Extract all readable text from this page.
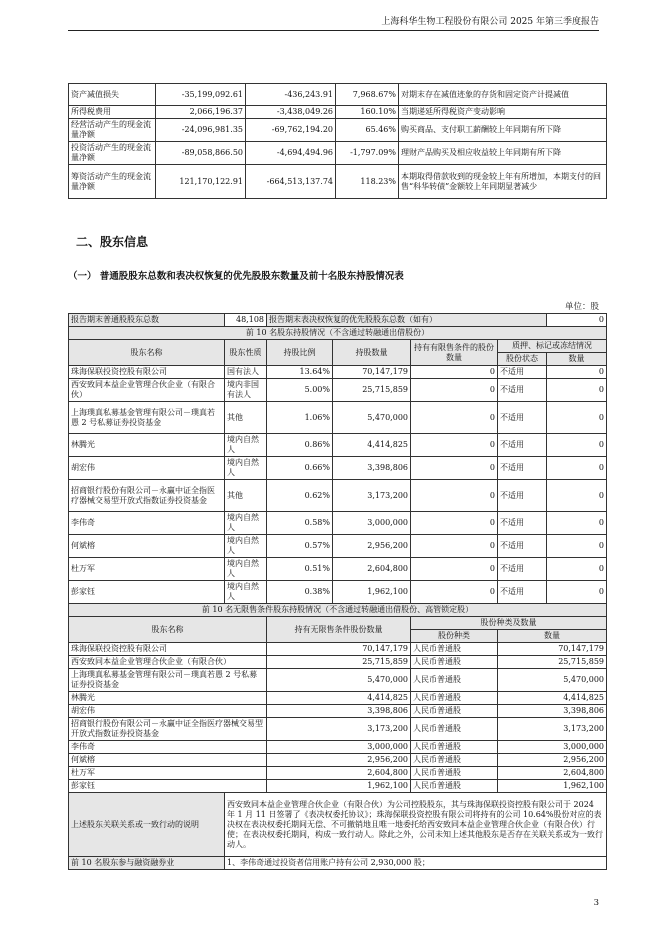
上海科华生物工程股份有限公司 2025 年第三季度报告
资产减值损失	-35,199,092.61	-436,243.91	7,968.67%	对期末存在减值迹象的存货和固定资产计提减值
所得税费用	2,066,196.37	-3,438,049.26	160.10%	当期递延所得税资产变动影响
经营活动产生的现金流量净额	-24,096,981.35	-69,762,194.20	65.46%	购买商品、支付职工薪酬较上年同期有所下降
投资活动产生的现金流量净额	-89,058,866.50	-4,694,494.96	-1,797.09%	理财产品购买及相应收益较上年同期有所下降
筹资活动产生的现金流量净额	121,170,122.91	-664,513,137.74	118.23%	本期取得借款收到的现金较上年有所增加，本期支付的回售“科华转债”金额较上年同期显著减少
二、股东信息
（一） 普通股股东总数和表决权恢复的优先股股东数量及前十名股东持股情况表
单位：股
报告期末普通股股东总数	48,108	报告期末表决权恢复的优先股股东总数（如有）				0
前 10 名股东持股情况（不含通过转融通出借股份）						
股东名称	股东性质	持股比例	持股数量	持有有限售条件的股份数量	质押、标记或冻结情况	
					股份状态	数量
珠海保联投资控股有限公司	国有法人	13.64%	70,147,179	0	不适用	0
西安致同本益企业管理合伙企业（有限合伙）	境内非国有法人	5.00%	25,715,859	0	不适用	0
上海璞真私募基金管理有限公司－璞真若愚 2 号私募证券投资基金	其他	1.06%	5,470,000	0	不适用	0
林腾光	境内自然人	0.86%	4,414,825	0	不适用	0
胡宏伟	境内自然人	0.66%	3,398,806	0	不适用	0
招商银行股份有限公司－永赢中证全指医疗器械交易型开放式指数证券投资基金	其他	0.62%	3,173,200	0	不适用	0
李伟奇	境内自然人	0.58%	3,000,000	0	不适用	0
何斌榕	境内自然人	0.57%	2,956,200	0	不适用	0
杜万军	境内自然人	0.51%	2,604,800	0	不适用	0
彭家钰	境内自然人	0.38%	1,962,100	0	不适用	0
前 10 名无限售条件股东持股情况（不含通过转融通出借股份、高管锁定股）						
股东名称		持有无限售条件股份数量		股份种类及数量		
				股份种类	数量	
珠海保联投资控股有限公司		70,147,179		人民币普通股	70,147,179	
西安致同本益企业管理合伙企业（有限合伙）		25,715,859		人民币普通股	25,715,859	
上海璞真私募基金管理有限公司－璞真若愚 2 号私募证券投资基金		5,470,000		人民币普通股	5,470,000	
林腾光		4,414,825		人民币普通股	4,414,825	
胡宏伟		3,398,806		人民币普通股	3,398,806	
招商银行股份有限公司－永赢中证全指医疗器械交易型开放式指数证券投资基金		3,173,200		人民币普通股	3,173,200	
李伟奇		3,000,000		人民币普通股	3,000,000	
何斌榕		2,956,200		人民币普通股	2,956,200	
杜万军		2,604,800		人民币普通股	2,604,800	
彭家钰		1,962,100		人民币普通股	1,962,100	
上述股东关联关系或一致行动的说明	西安致同本益企业管理合伙企业（有限合伙）为公司控股股东，其与珠海保联投资控股有限公司于 2024 年 1 月 11 日签署了《表决权委托协议》；珠海保联投资控股有限公司将持有的公司 10.64%股份对应的表决权在表决权委托期间无偿、不可撤销地且唯一地委托给西安致同本益企业管理合伙企业（有限合伙）行使；在表决权委托期间，构成一致行动人。除此之外，公司未知上述其他股东是否存在关联关系或为一致行动人。					
前 10 名股东参与融资融券业	1、李伟奇通过投资者信用账户持有公司 2,930,000 股；					
3
